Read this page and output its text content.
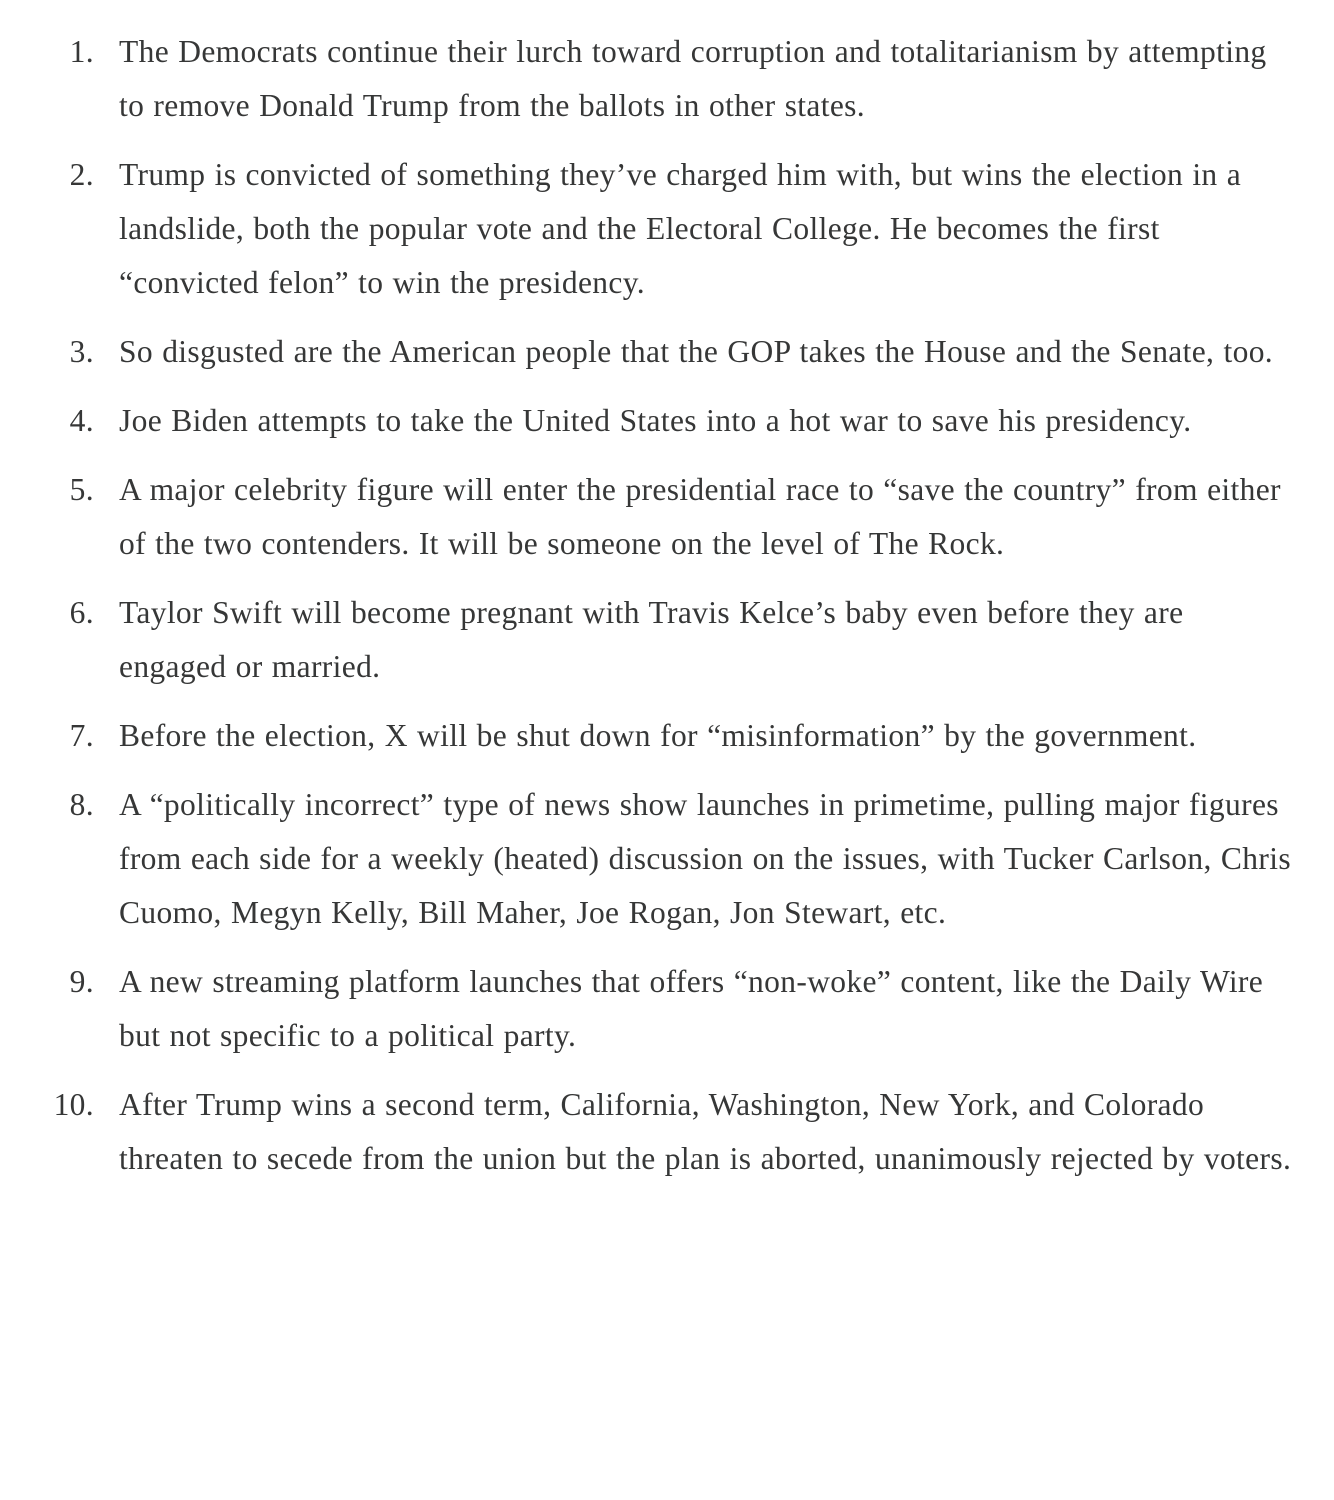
1. The Democrats continue their lurch toward corruption and totalitarianism by attempting to remove Donald Trump from the ballots in other states.
2. Trump is convicted of something they’ve charged him with, but wins the election in a landslide, both the popular vote and the Electoral College. He becomes the first “convicted felon” to win the presidency.
3. So disgusted are the American people that the GOP takes the House and the Senate, too.
4. Joe Biden attempts to take the United States into a hot war to save his presidency.
5. A major celebrity figure will enter the presidential race to “save the country” from either of the two contenders. It will be someone on the level of The Rock.
6. Taylor Swift will become pregnant with Travis Kelce’s baby even before they are engaged or married.
7. Before the election, X will be shut down for “misinformation” by the government.
8. A “politically incorrect” type of news show launches in primetime, pulling major figures from each side for a weekly (heated) discussion on the issues, with Tucker Carlson, Chris Cuomo, Megyn Kelly, Bill Maher, Joe Rogan, Jon Stewart, etc.
9. A new streaming platform launches that offers “non-woke” content, like the Daily Wire but not specific to a political party.
10. After Trump wins a second term, California, Washington, New York, and Colorado threaten to secede from the union but the plan is aborted, unanimously rejected by voters.
